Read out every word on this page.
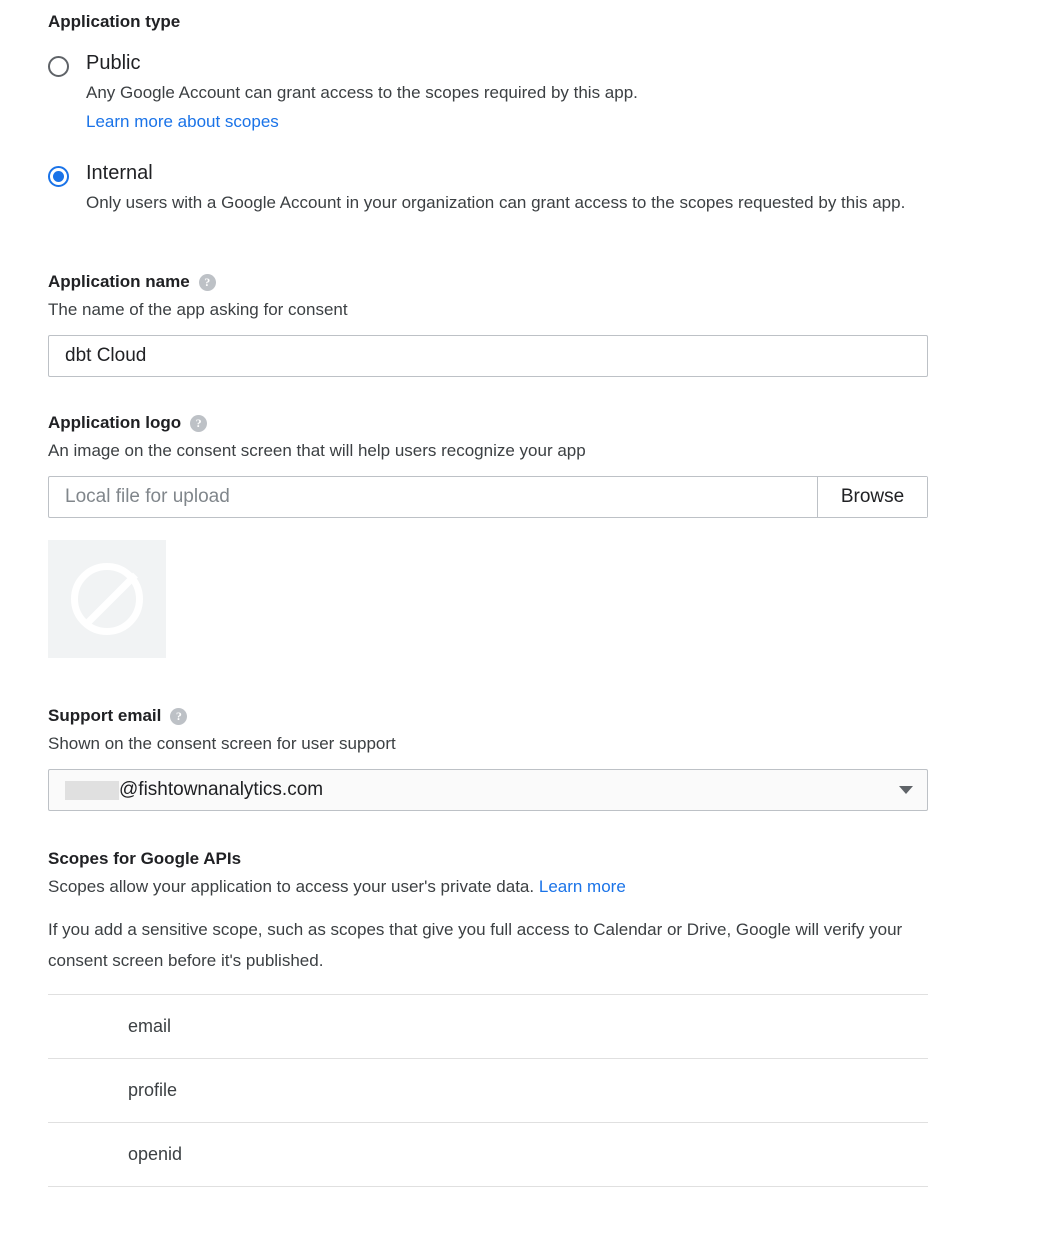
Application type
Public
Any Google Account can grant access to the scopes required by this app.
Learn more about scopes
Internal
Only users with a Google Account in your organization can grant access to the scopes requested by this app.
Application name	?
The name of the app asking for consent
dbt Cloud
Application logo	?
An image on the consent screen that will help users recognize your app
Local file for upload	Browse
Support email	?
Shown on the consent screen for user support
@fishtownanalytics.com
Scopes for Google APIs
Scopes allow your application to access your user's private data. Learn more
If you add a sensitive scope, such as scopes that give you full access to Calendar or Drive, Google will verify your consent screen before it's published.
email
profile
openid
